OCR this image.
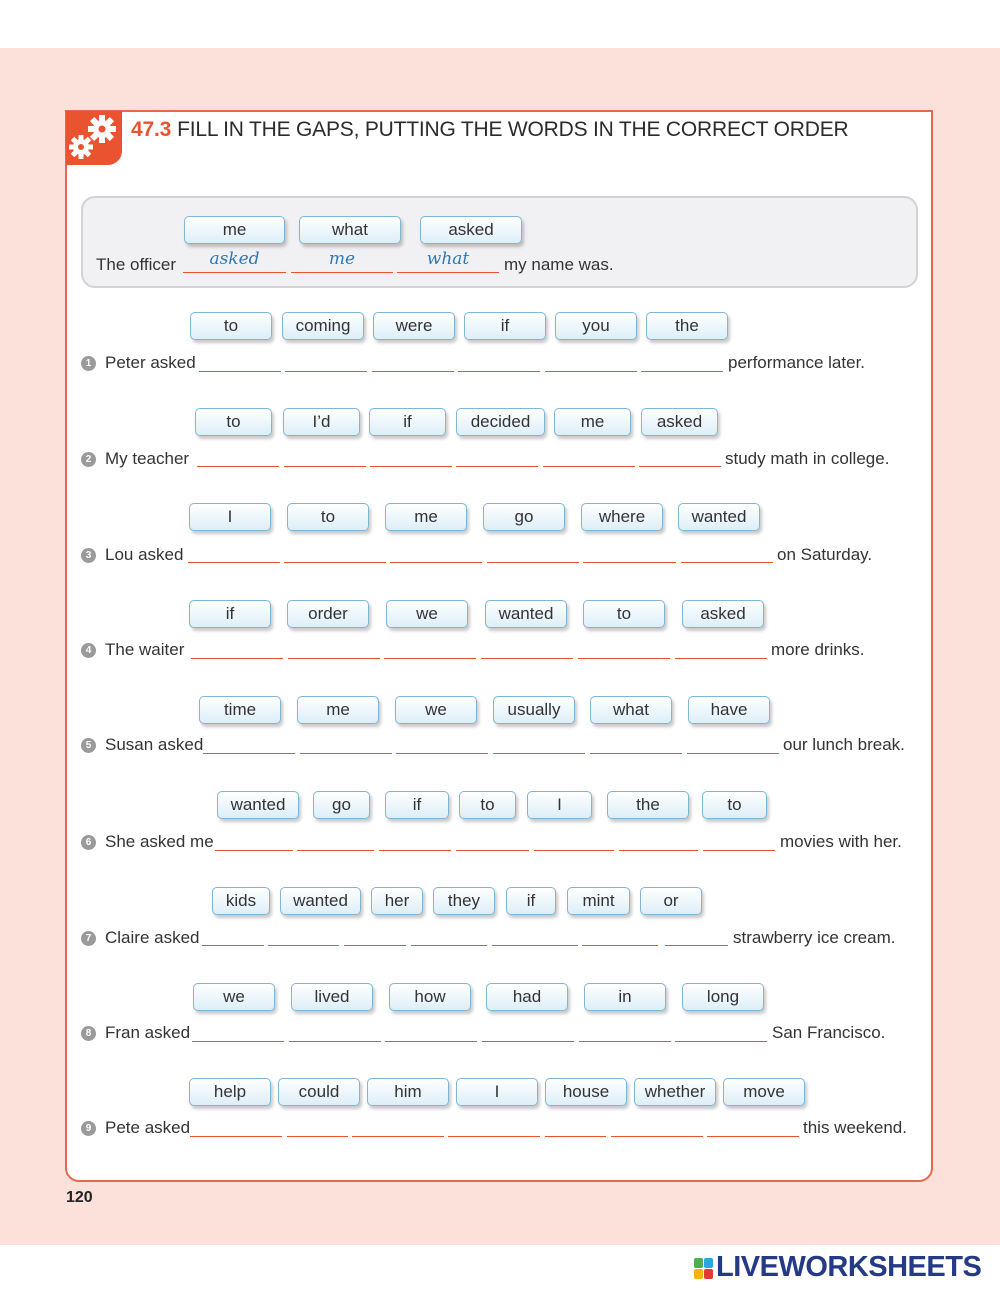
47.3 FILL IN THE GAPS, PUTTING THE WORDS IN THE CORRECT ORDER
me	what	asked
The officer	asked	me	what	my name was.
to	coming	were	if	you	the
1 Peter asked	performance later.
to	I’d	if	decided	me	asked
2 My teacher	study math in college.
I	to	me	go	where	wanted
3 Lou asked	on Saturday.
if	order	we	wanted	to	asked
4 The waiter	more drinks.
time	me	we	usually	what	have
5 Susan asked	our lunch break.
wanted	go	if	to	I	the	to
6 She asked me	movies with her.
kids	wanted	her	they	if	mint	or
7 Claire asked	strawberry ice cream.
we	lived	how	had	in	long
8 Fran asked	San Francisco.
help	could	him	I	house	whether	move
9 Pete asked	this weekend.
120
LIVEWORKSHEETS
